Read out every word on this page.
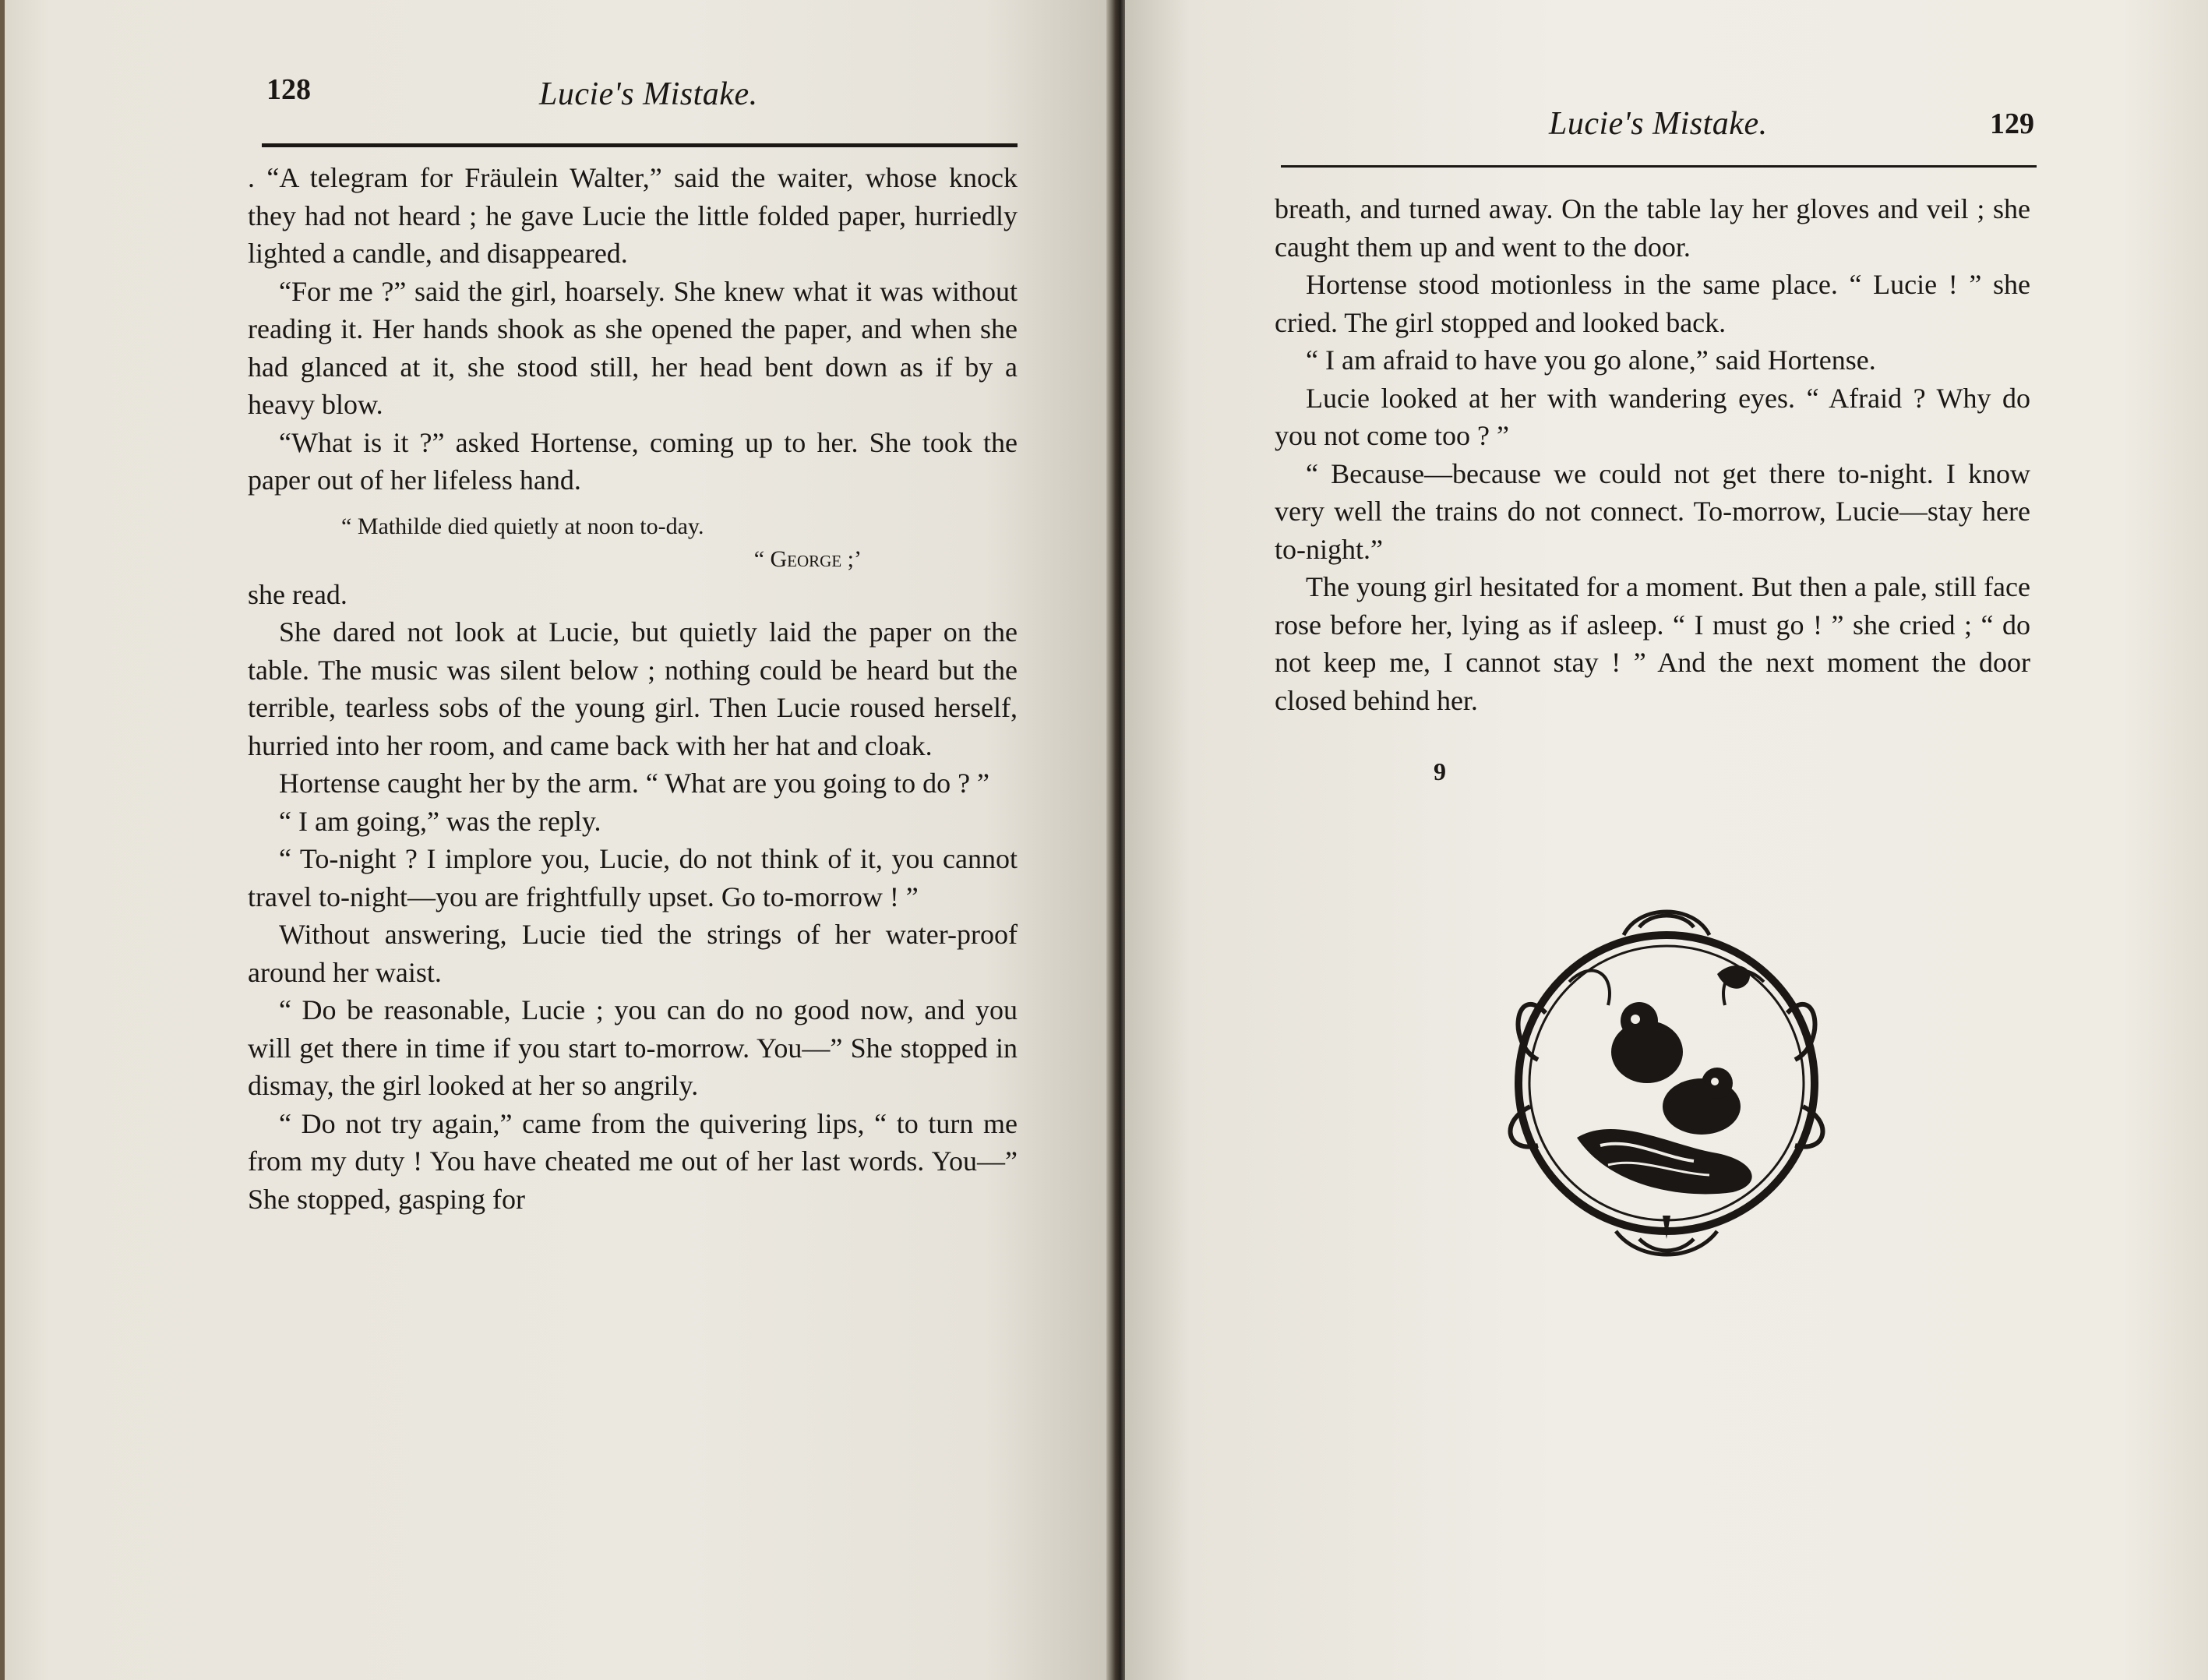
128	Lucie's Mistake.

. “A telegram for Fräulein Walter,” said the waiter, whose knock they had not heard ; he gave Lucie the little folded paper, hurriedly lighted a candle, and disappeared.

“For me ?” said the girl, hoarsely. She knew what it was without reading it. Her hands shook as she opened the paper, and when she had glanced at it, she stood still, her head bent down as if by a heavy blow.

“What is it ?” asked Hortense, coming up to her. She took the paper out of her lifeless hand.

“ Mathilde died quietly at noon to-day.
“ George ;’

she read.

She dared not look at Lucie, but quietly laid the paper on the table. The music was silent below ; nothing could be heard but the terrible, tearless sobs of the young girl. Then Lucie roused herself, hurried into her room, and came back with her hat and cloak.

Hortense caught her by the arm. “ What are you going to do ? ”

“ I am going,” was the reply.

“ To-night ? I implore you, Lucie, do not think of it, you cannot travel to-night—you are frightfully upset. Go to-morrow ! ”

Without answering, Lucie tied the strings of her water-proof around her waist.

“ Do be reasonable, Lucie ; you can do no good now, and you will get there in time if you start to-morrow. You—” She stopped in dismay, the girl looked at her so angrily.

“ Do not try again,” came from the quivering lips, “ to turn me from my duty ! You have cheated me out of her last words. You—” She stopped, gasping for

Lucie's Mistake.	129

breath, and turned away. On the table lay her gloves and veil ; she caught them up and went to the door.

Hortense stood motionless in the same place. “ Lucie ! ” she cried. The girl stopped and looked back.

“ I am afraid to have you go alone,” said Hortense.

Lucie looked at her with wandering eyes. “ Afraid ? Why do you not come too ? ”

“ Because—because we could not get there to-night. I know very well the trains do not connect. To-morrow, Lucie—stay here to-night.”

The young girl hesitated for a moment. But then a pale, still face rose before her, lying as if asleep. “ I must go ! ” she cried ; “ do not keep me, I cannot stay ! ” And the next moment the door closed behind her.

9
